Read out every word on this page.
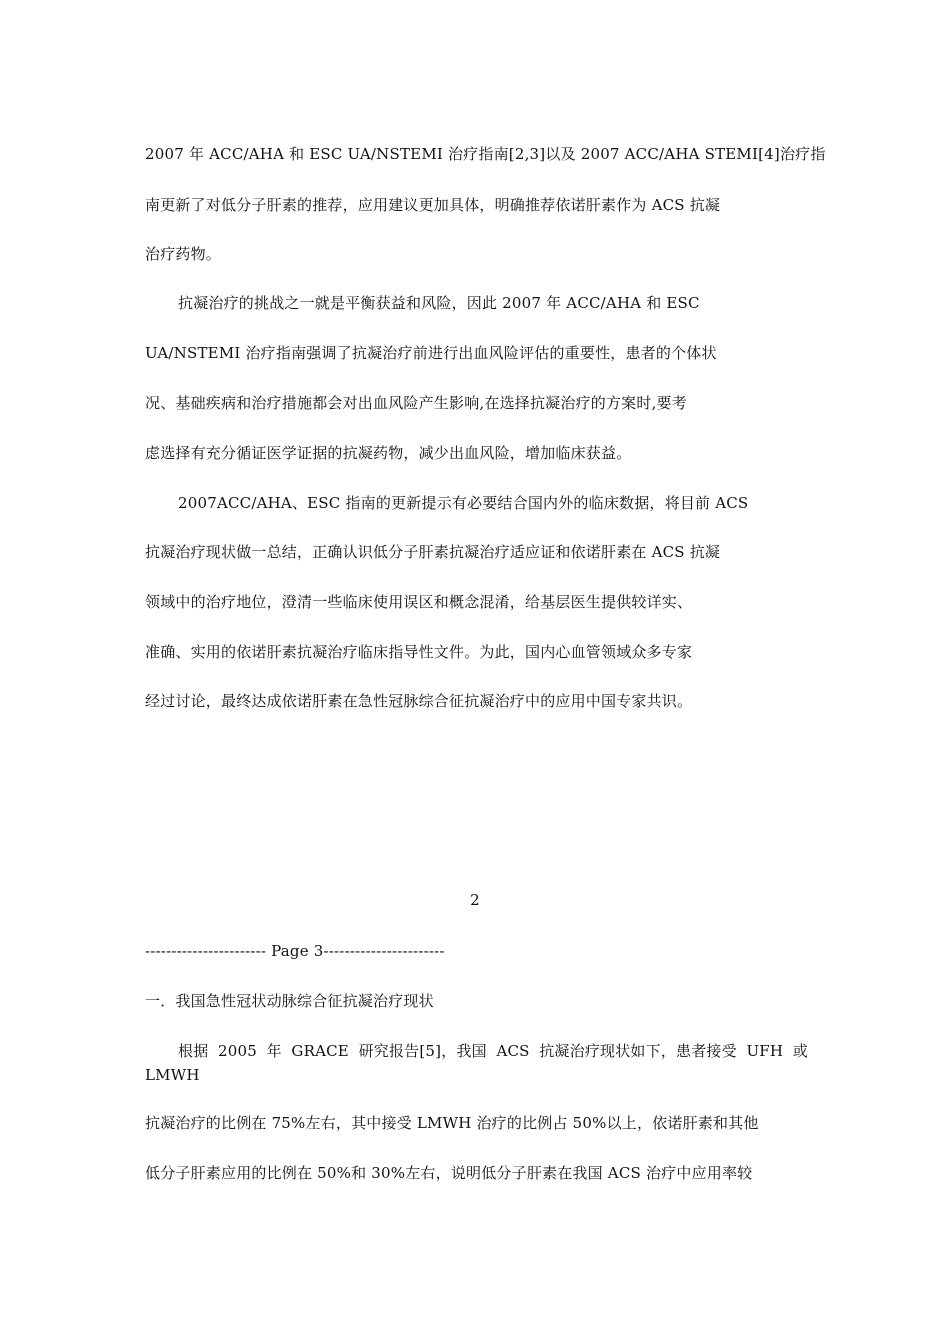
2007 年 ACC/AHA 和 ESC UA/NSTEMI 治疗指南[2,3]以及 2007 ACC/AHA STEMI[4]治疗指
南更新了对低分子肝素的推荐，应用建议更加具体，明确推荐依诺肝素作为 ACS 抗凝
治疗药物。
抗凝治疗的挑战之一就是平衡获益和风险，因此 2007 年 ACC/AHA 和 ESC
UA/NSTEMI 治疗指南强调了抗凝治疗前进行出血风险评估的重要性，患者的个体状
况、基础疾病和治疗措施都会对出血风险产生影响,在选择抗凝治疗的方案时,要考
虑选择有充分循证医学证据的抗凝药物，减少出血风险，增加临床获益。
2007ACC/AHA、ESC 指南的更新提示有必要结合国内外的临床数据，将目前 ACS
抗凝治疗现状做一总结，正确认识低分子肝素抗凝治疗适应证和依诺肝素在 ACS 抗凝
领域中的治疗地位，澄清一些临床使用误区和概念混淆，给基层医生提供较详实、
准确、实用的依诺肝素抗凝治疗临床指导性文件。为此，国内心血管领域众多专家
经过讨论，最终达成依诺肝素在急性冠脉综合征抗凝治疗中的应用中国专家共识。
2
----------------------- Page 3-----------------------
一．我国急性冠状动脉综合征抗凝治疗现状
根据 2005 年 GRACE 研究报告[5]，我国 ACS 抗凝治疗现状如下，患者接受 UFH 或
LMWH
抗凝治疗的比例在 75%左右，其中接受 LMWH 治疗的比例占 50%以上，依诺肝素和其他
低分子肝素应用的比例在 50%和 30%左右，说明低分子肝素在我国 ACS 治疗中应用率较
